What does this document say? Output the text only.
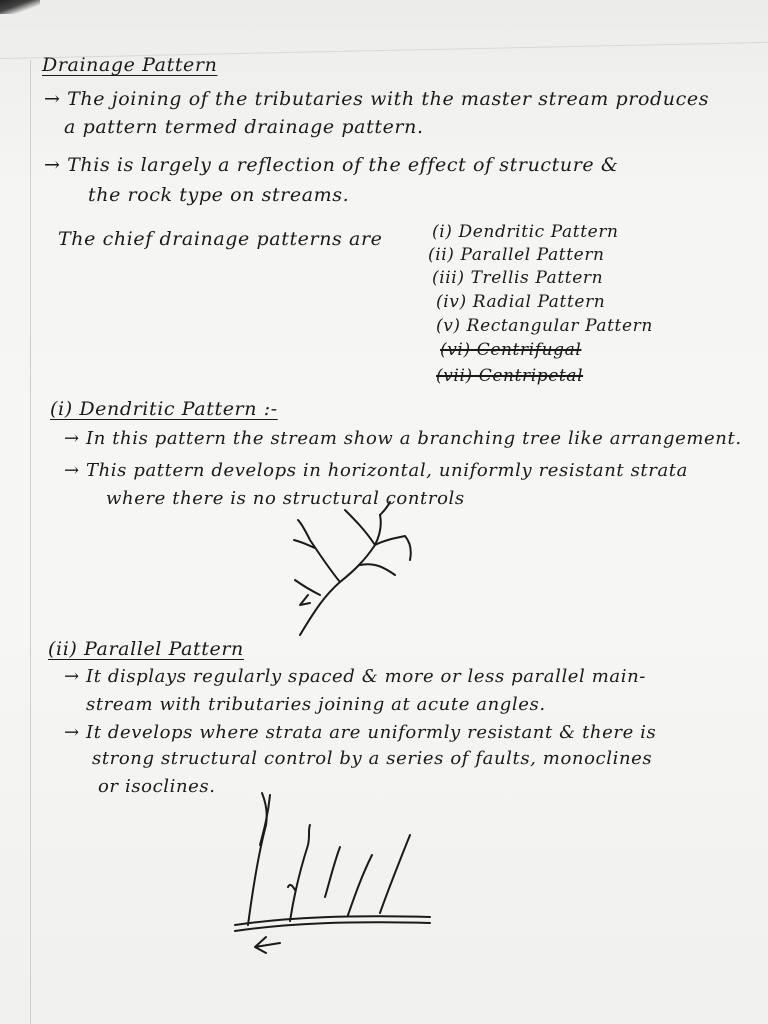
Drainage Pattern
→ The joining of the tributaries with the master stream produces
a pattern termed drainage pattern.
→ This is largely a reflection of the effect of structure &
the rock type on streams.
The chief drainage patterns are	(i) Dendritic Pattern
(ii) Parallel Pattern
(iii) Trellis Pattern
(iv) Radial Pattern
(v) Rectangular Pattern
(vi) Centrifugal
(vii) Centripetal
(i) Dendritic Pattern :-
→ In this pattern the stream show a branching tree like arrangement.
→ This pattern develops in horizontal, uniformly resistant strata
where there is no structural controls
(ii) Parallel Pattern
→ It displays regularly spaced & more or less parallel main-
stream with tributaries joining at acute angles.
→ It develops where strata are uniformly resistant & there is
strong structural control by a series of faults, monoclines
or isoclines.
